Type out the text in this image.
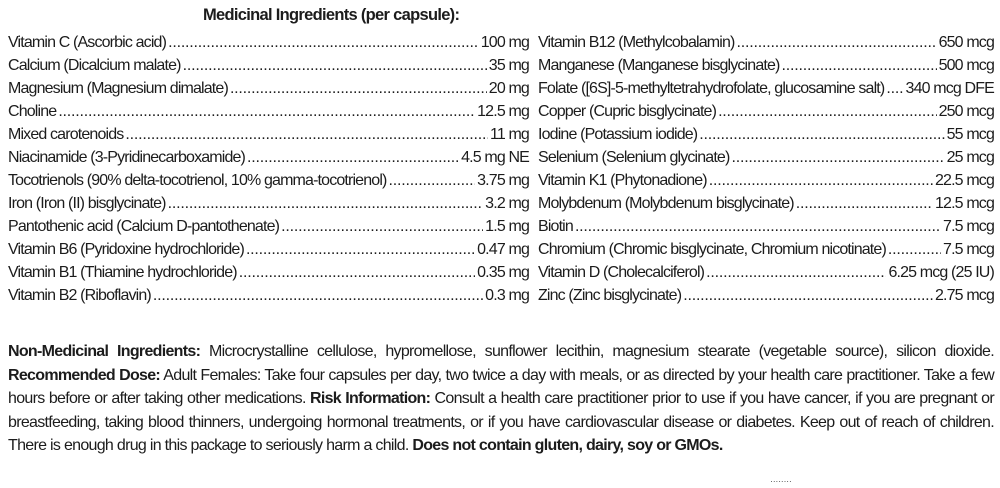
Medicinal Ingredients (per capsule):
Vitamin C (Ascorbic acid) .....	100 mg
Calcium (Dicalcium malate) .....	35 mg
Magnesium (Magnesium dimalate) .....	20 mg
Choline .....	12.5 mg
Mixed carotenoids .....	11 mg
Niacinamide (3-Pyridinecarboxamide) .....	4.5 mg NE
Tocotrienols (90% delta-tocotrienol, 10% gamma-tocotrienol) .....	3.75 mg
Iron (Iron (II) bisglycinate) .....	3.2 mg
Pantothenic acid (Calcium D-pantothenate) .....	1.5 mg
Vitamin B6 (Pyridoxine hydrochloride) .....	0.47 mg
Vitamin B1 (Thiamine hydrochloride) .....	0.35 mg
Vitamin B2 (Riboflavin) .....	0.3 mg
Vitamin B12 (Methylcobalamin) .....	650 mcg
Manganese (Manganese bisglycinate) .....	500 mcg
Folate ([6S]-5-methyltetrahydrofolate, glucosamine salt) ..... 340 mcg DFE
Copper (Cupric bisglycinate) .....	250 mcg
Iodine (Potassium iodide) .....	55 mcg
Selenium (Selenium glycinate) .....	25 mcg
Vitamin K1 (Phytonadione) .....	22.5 mcg
Molybdenum (Molybdenum bisglycinate) .....	12.5 mcg
Biotin .....	7.5 mcg
Chromium (Chromic bisglycinate, Chromium nicotinate) .....	7.5 mcg
Vitamin D (Cholecalciferol) .....	6.25 mcg (25 IU)
Zinc (Zinc bisglycinate) .....	2.75 mcg
Non-Medicinal Ingredients: Microcrystalline cellulose, hypromellose, sunflower lecithin, magnesium stearate (vegetable source), silicon dioxide. Recommended Dose: Adult Females: Take four capsules per day, two twice a day with meals, or as directed by your health care practitioner. Take a few hours before or after taking other medications. Risk Information: Consult a health care practitioner prior to use if you have cancer, if you are pregnant or breastfeeding, taking blood thinners, undergoing hormonal treatments, or if you have cardiovascular disease or diabetes. Keep out of reach of children. There is enough drug in this package to seriously harm a child. Does not contain gluten, dairy, soy or GMOs.
········
